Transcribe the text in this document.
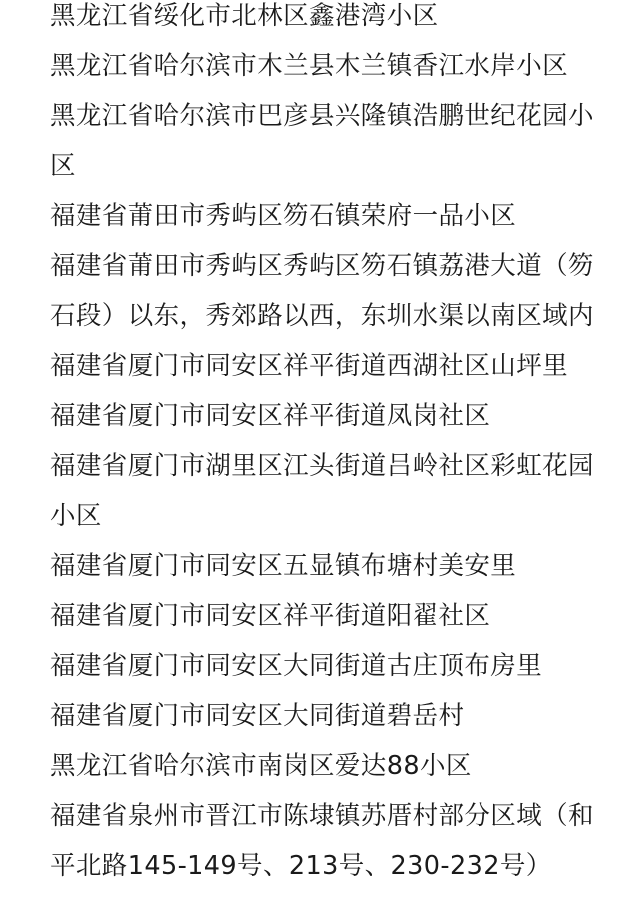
黑龙江省绥化市北林区鑫港湾小区
黑龙江省哈尔滨市木兰县木兰镇香江水岸小区
黑龙江省哈尔滨市巴彦县兴隆镇浩鹏世纪花园小
区
福建省莆田市秀屿区笏石镇荣府一品小区
福建省莆田市秀屿区秀屿区笏石镇荔港大道（笏
石段）以东，秀郊路以西，东圳水渠以南区域内
福建省厦门市同安区祥平街道西湖社区山坪里
福建省厦门市同安区祥平街道凤岗社区
福建省厦门市湖里区江头街道吕岭社区彩虹花园
小区
福建省厦门市同安区五显镇布塘村美安里
福建省厦门市同安区祥平街道阳翟社区
福建省厦门市同安区大同街道古庄顶布房里
福建省厦门市同安区大同街道碧岳村
黑龙江省哈尔滨市南岗区爱达88小区
福建省泉州市晋江市陈埭镇苏厝村部分区域（和
平北路145-149号、213号、230-232号）
